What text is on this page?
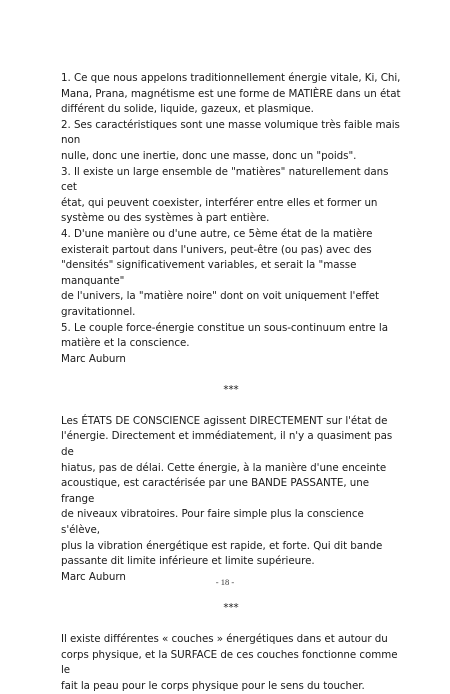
1. Ce que nous appelons traditionnellement énergie vitale, Ki, Chi,

Mana, Prana, magnétisme est une forme de MATIÈRE dans un état

différent du solide, liquide, gazeux, et plasmique.

2. Ses caractéristiques sont une masse volumique très faible mais non

nulle, donc une inertie, donc une masse, donc un "poids".

3. Il existe un large ensemble de "matières" naturellement dans cet

état, qui peuvent coexister, interférer entre elles et former un

système ou des systèmes à part entière.

4. D'une manière ou d'une autre, ce 5ème état de la matière

existerait partout dans l'univers, peut-être (ou pas) avec des

"densités" significativement variables, et serait la "masse manquante"

de l'univers, la "matière noire" dont on voit uniquement l'effet

gravitationnel.

5. Le couple force-énergie constitue un sous-continuum entre la

matière et la conscience.

Marc Auburn

***

Les ÉTATS DE CONSCIENCE agissent DIRECTEMENT sur l'état de

l'énergie. Directement et immédiatement, il n'y a quasiment pas de

hiatus, pas de délai. Cette énergie, à la manière d'une enceinte

acoustique, est caractérisée par une BANDE PASSANTE, une frange

de niveaux vibratoires. Pour faire simple plus la conscience s'élève,

plus la vibration énergétique est rapide, et forte. Qui dit bande

passante dit limite inférieure et limite supérieure.

Marc Auburn

***

Il existe différentes « couches » énergétiques dans et autour du

corps physique, et la SURFACE de ces couches fonctionne comme le

fait la peau pour le corps physique pour le sens du toucher.

- 18 -
